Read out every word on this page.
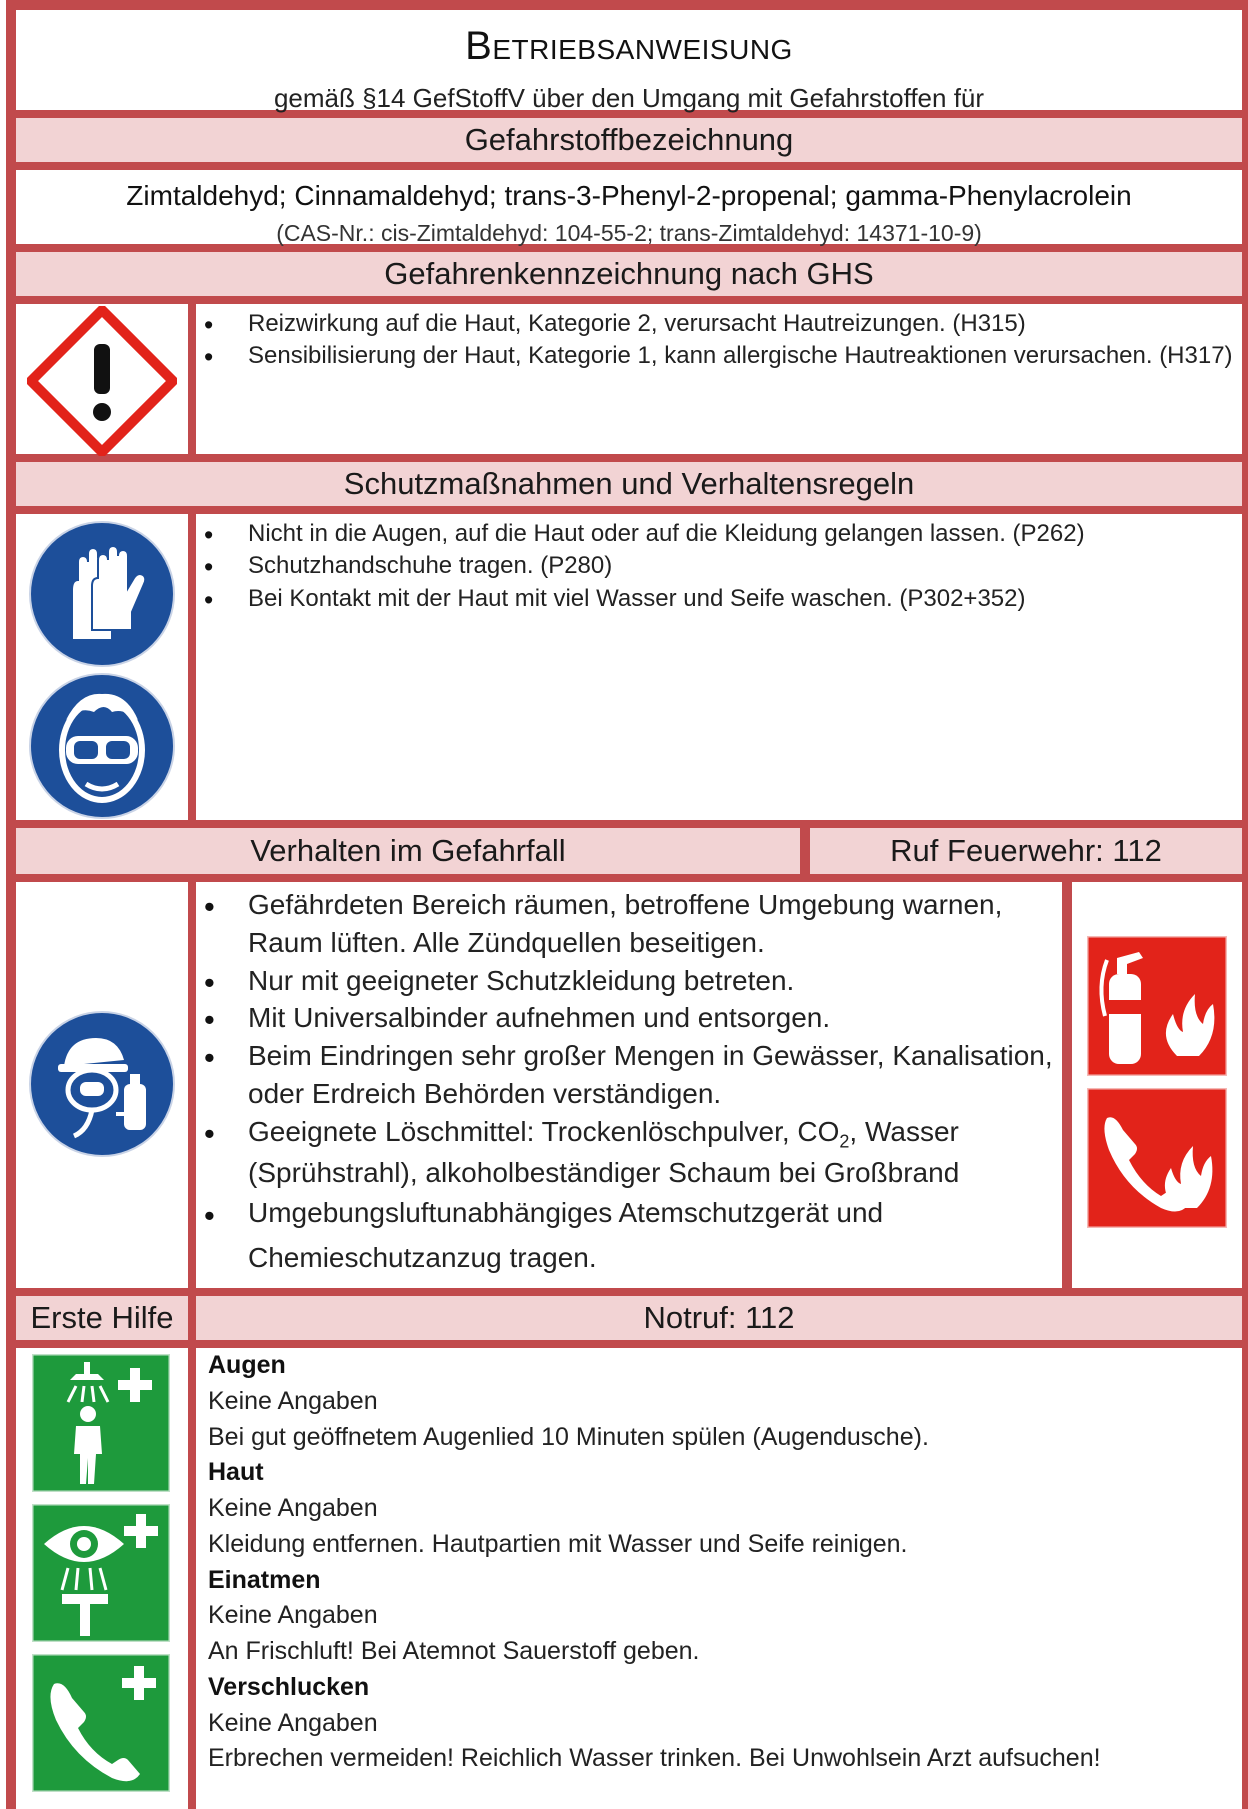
Betriebsanweisung
gemäß §14 GefStoffV über den Umgang mit Gefahrstoffen für
Gefahrstoffbezeichnung
Zimtaldehyd; Cinnamaldehyd; trans-3-Phenyl-2-propenal; gamma-Phenylacrolein
(CAS-Nr.: cis-Zimtaldehyd: 104-55-2; trans-Zimtaldehyd: 14371-10-9)
Gefahrenkennzeichnung nach GHS
• Reizwirkung auf die Haut, Kategorie 2, verursacht Hautreizungen. (H315)
• Sensibilisierung der Haut, Kategorie 1, kann allergische Hautreaktionen verursachen. (H317)
Schutzmaßnahmen und Verhaltensregeln
• Nicht in die Augen, auf die Haut oder auf die Kleidung gelangen lassen. (P262)
• Schutzhandschuhe tragen. (P280)
• Bei Kontakt mit der Haut mit viel Wasser und Seife waschen. (P302+352)
Verhalten im Gefahrfall	Ruf Feuerwehr: 112
• Gefährdeten Bereich räumen, betroffene Umgebung warnen, Raum lüften. Alle Zündquellen beseitigen.
• Nur mit geeigneter Schutzkleidung betreten.
• Mit Universalbinder aufnehmen und entsorgen.
• Beim Eindringen sehr großer Mengen in Gewässer, Kanalisation, oder Erdreich Behörden verständigen.
• Geeignete Löschmittel: Trockenlöschpulver, $CO_2$, Wasser (Sprühstrahl), alkoholbeständiger Schaum bei Großbrand
• Umgebungsluftunabhängiges Atemschutzgerät und Chemieschutzanzug tragen.
Erste Hilfe	Notruf: 112
Augen
Keine Angaben
Bei gut geöffnetem Augenlied 10 Minuten spülen (Augendusche).
Haut
Keine Angaben
Kleidung entfernen. Hautpartien mit Wasser und Seife reinigen.
Einatmen
Keine Angaben
An Frischluft! Bei Atemnot Sauerstoff geben.
Verschlucken
Keine Angaben
Erbrechen vermeiden! Reichlich Wasser trinken. Bei Unwohlsein Arzt aufsuchen!
